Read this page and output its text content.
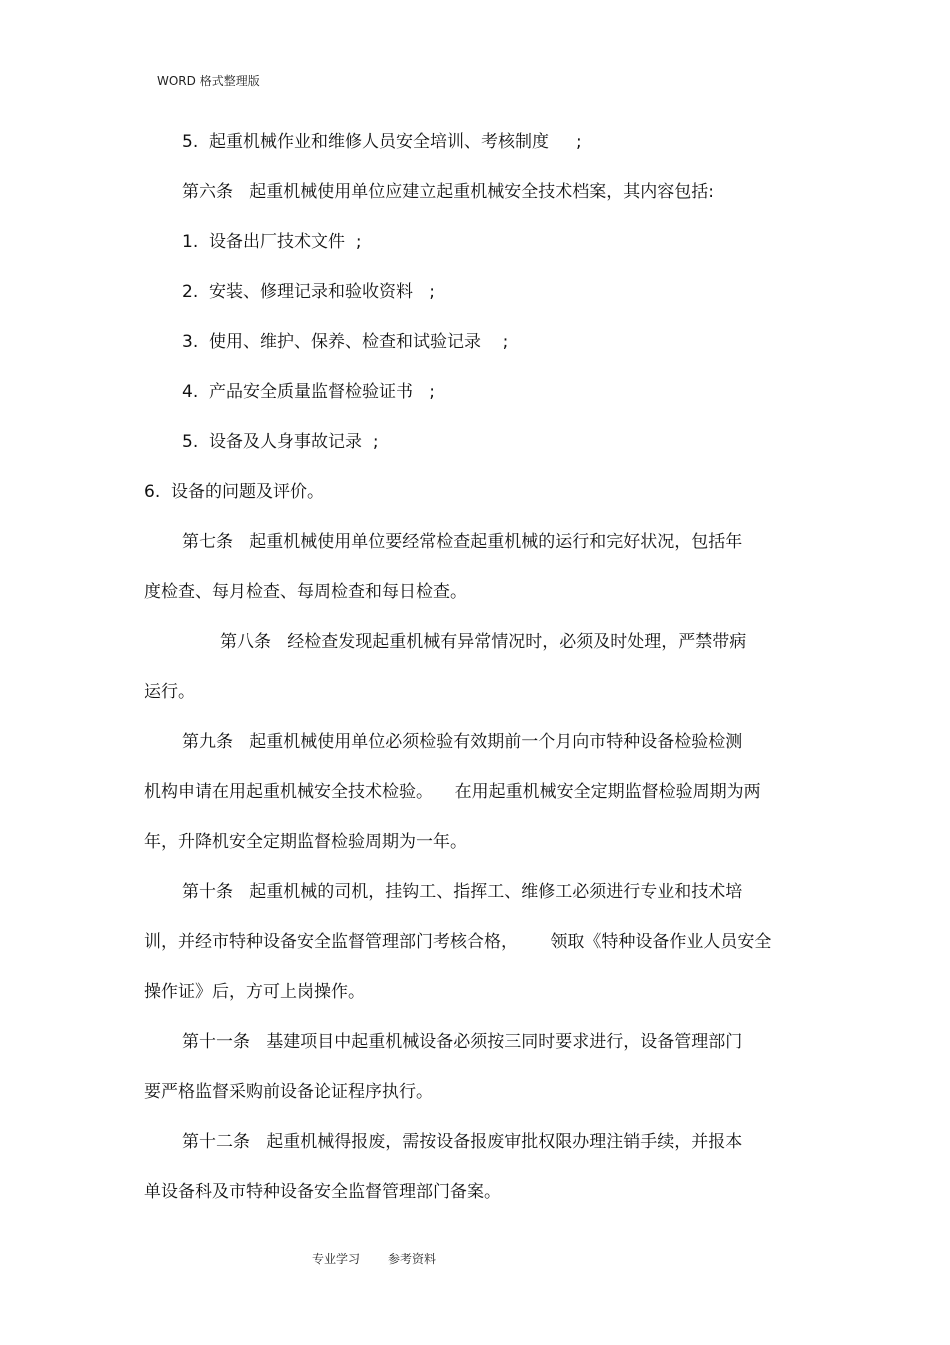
WORD 格式整理版
5.  起重机械作业和维修人员安全培训、考核制度     ;
第六条   起重机械使用单位应建立起重机械安全技术档案，其内容包括:
1.  设备出厂技术文件  ;
2.  安装、修理记录和验收资料   ;
3.  使用、维护、保养、检查和试验记录    ;
4.  产品安全质量监督检验证书   ;
5.  设备及人身事故记录  ;
6.  设备的问题及评价。
第七条   起重机械使用单位要经常检查起重机械的运行和完好状况，包括年
度检查、每月检查、每周检查和每日检查。
第八条   经检查发现起重机械有异常情况时，必须及时处理，严禁带病
运行。
第九条   起重机械使用单位必须检验有效期前一个月向市特种设备检验检测
机构申请在用起重机械安全技术检验。    在用起重机械安全定期监督检验周期为两
年，升降机安全定期监督检验周期为一年。
第十条   起重机械的司机，挂钩工、指挥工、维修工必须进行专业和技术培
训，并经市特种设备安全监督管理部门考核合格，      领取《特种设备作业人员安全
操作证》后，方可上岗操作。
第十一条   基建项目中起重机械设备必须按三同时要求进行，设备管理部门
要严格监督采购前设备论证程序执行。
第十二条   起重机械得报废，需按设备报废审批权限办理注销手续，并报本
单设备科及市特种设备安全监督管理部门备案。
专业学习 参考资料
